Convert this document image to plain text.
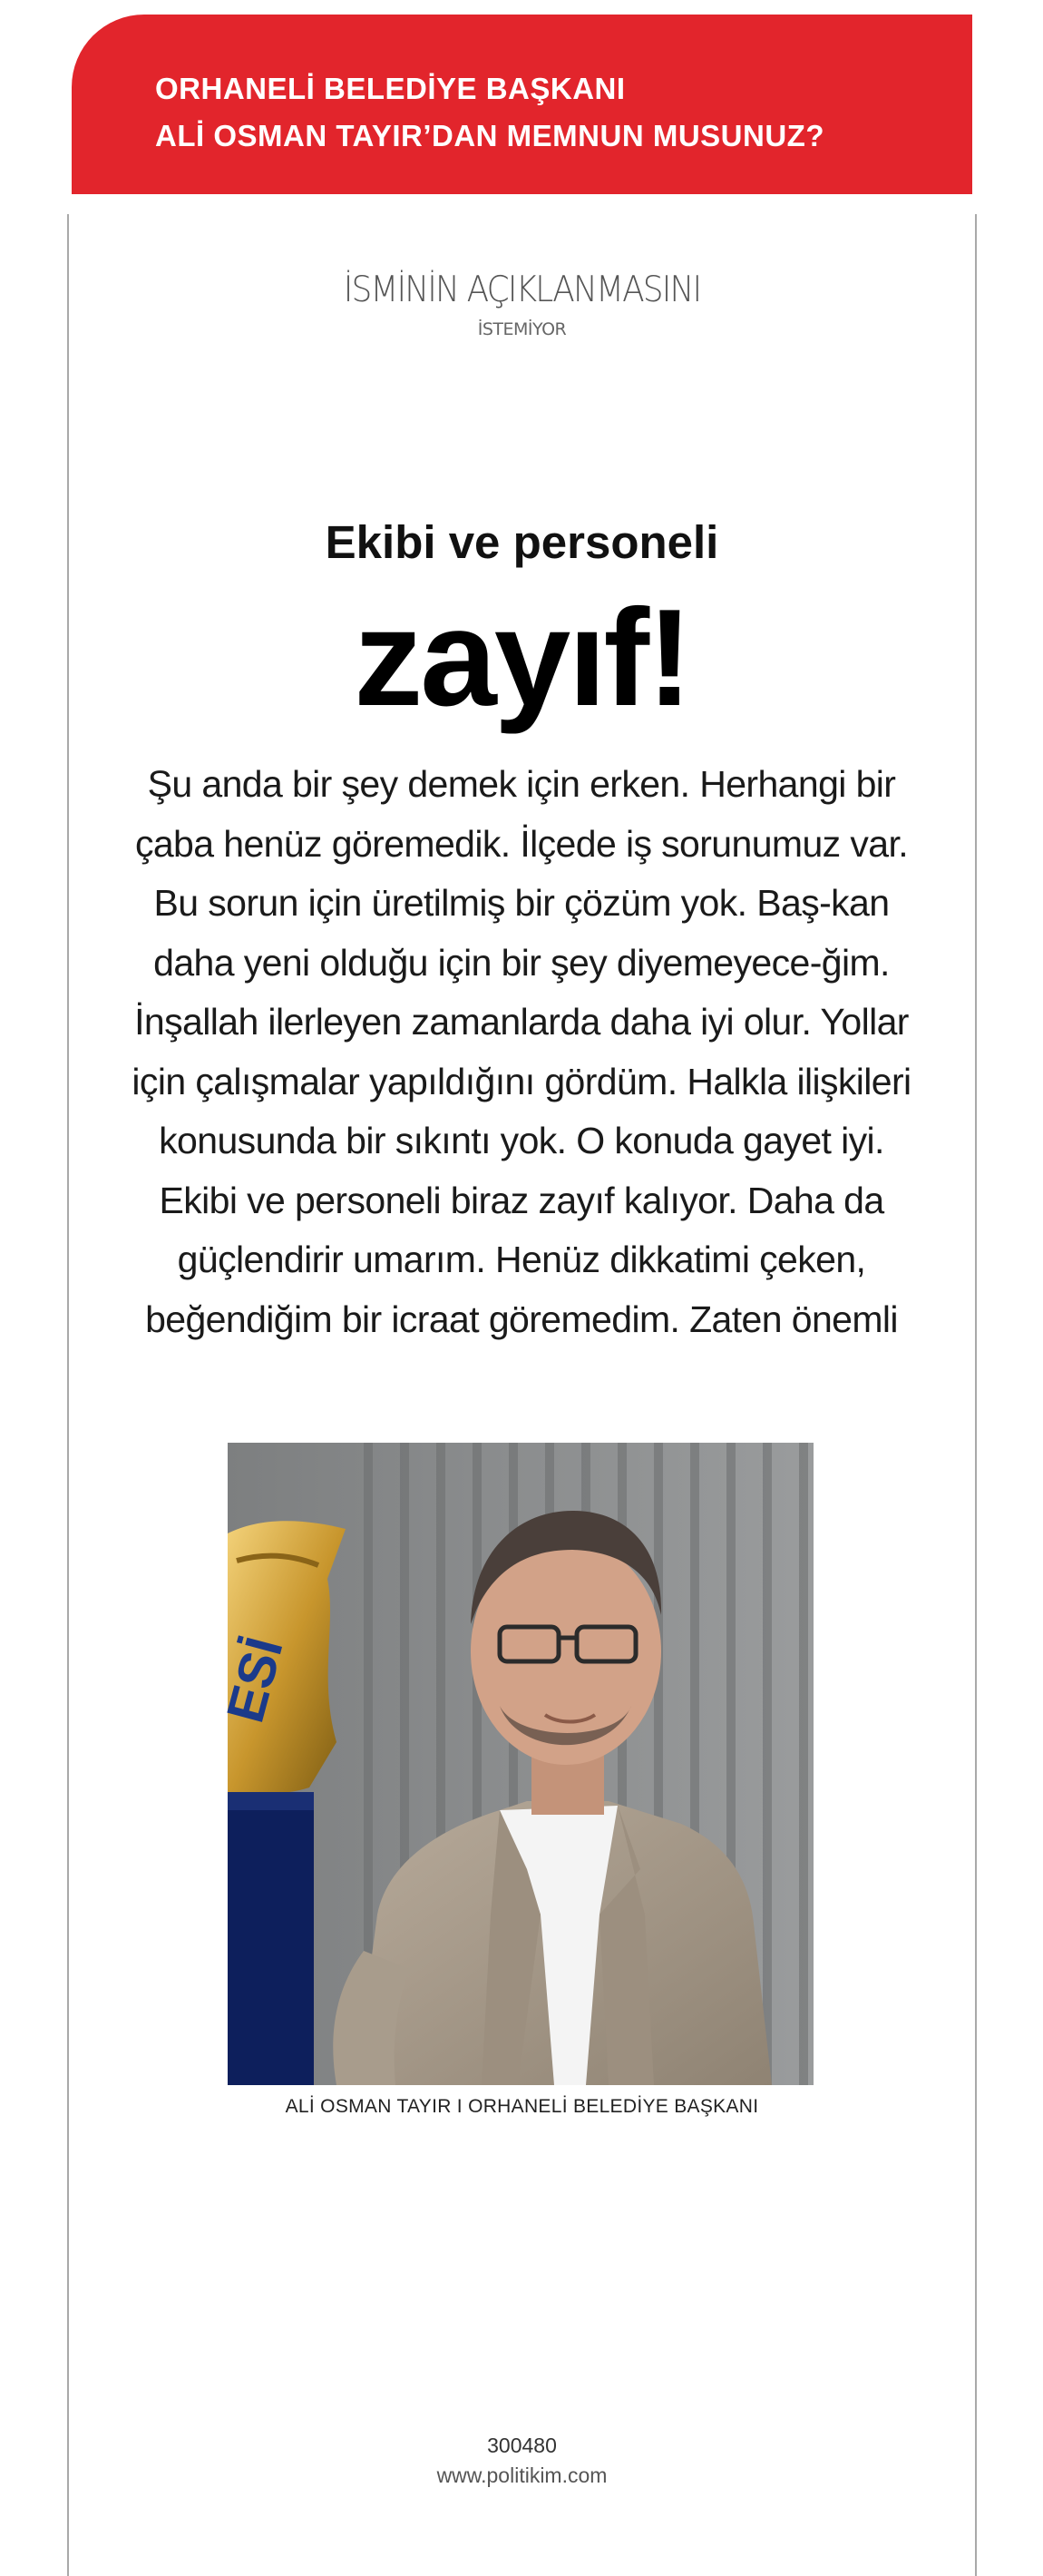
ORHANELİ BELEDİYE BAŞKANI
ALİ OSMAN TAYIR’DAN MEMNUN MUSUNUZ?
İSMİNİN AÇIKLANMASINI
İSTEMİYOR
Ekibi ve personeli
zayıf!
Şu anda bir şey demek için erken. Herhangi bir çaba henüz göremedik. İlçede iş sorunumuz var. Bu sorun için üretilmiş bir çözüm yok. Baş-kan daha yeni olduğu için bir şey diyemeyece-ğim. İnşallah ilerleyen zamanlarda daha iyi olur. Yollar için çalışmalar yapıldığını gördüm. Halkla ilişkileri konusunda bir sıkıntı yok. O konuda gayet iyi. Ekibi ve personeli biraz zayıf kalıyor. Daha da güçlendirir umarım. Henüz dikkatimi çeken, beğendiğim bir icraat göremedim. Zaten önemli
ESİ
ALİ OSMAN TAYIR I ORHANELİ BELEDİYE BAŞKANI
300480
www.politikim.com
